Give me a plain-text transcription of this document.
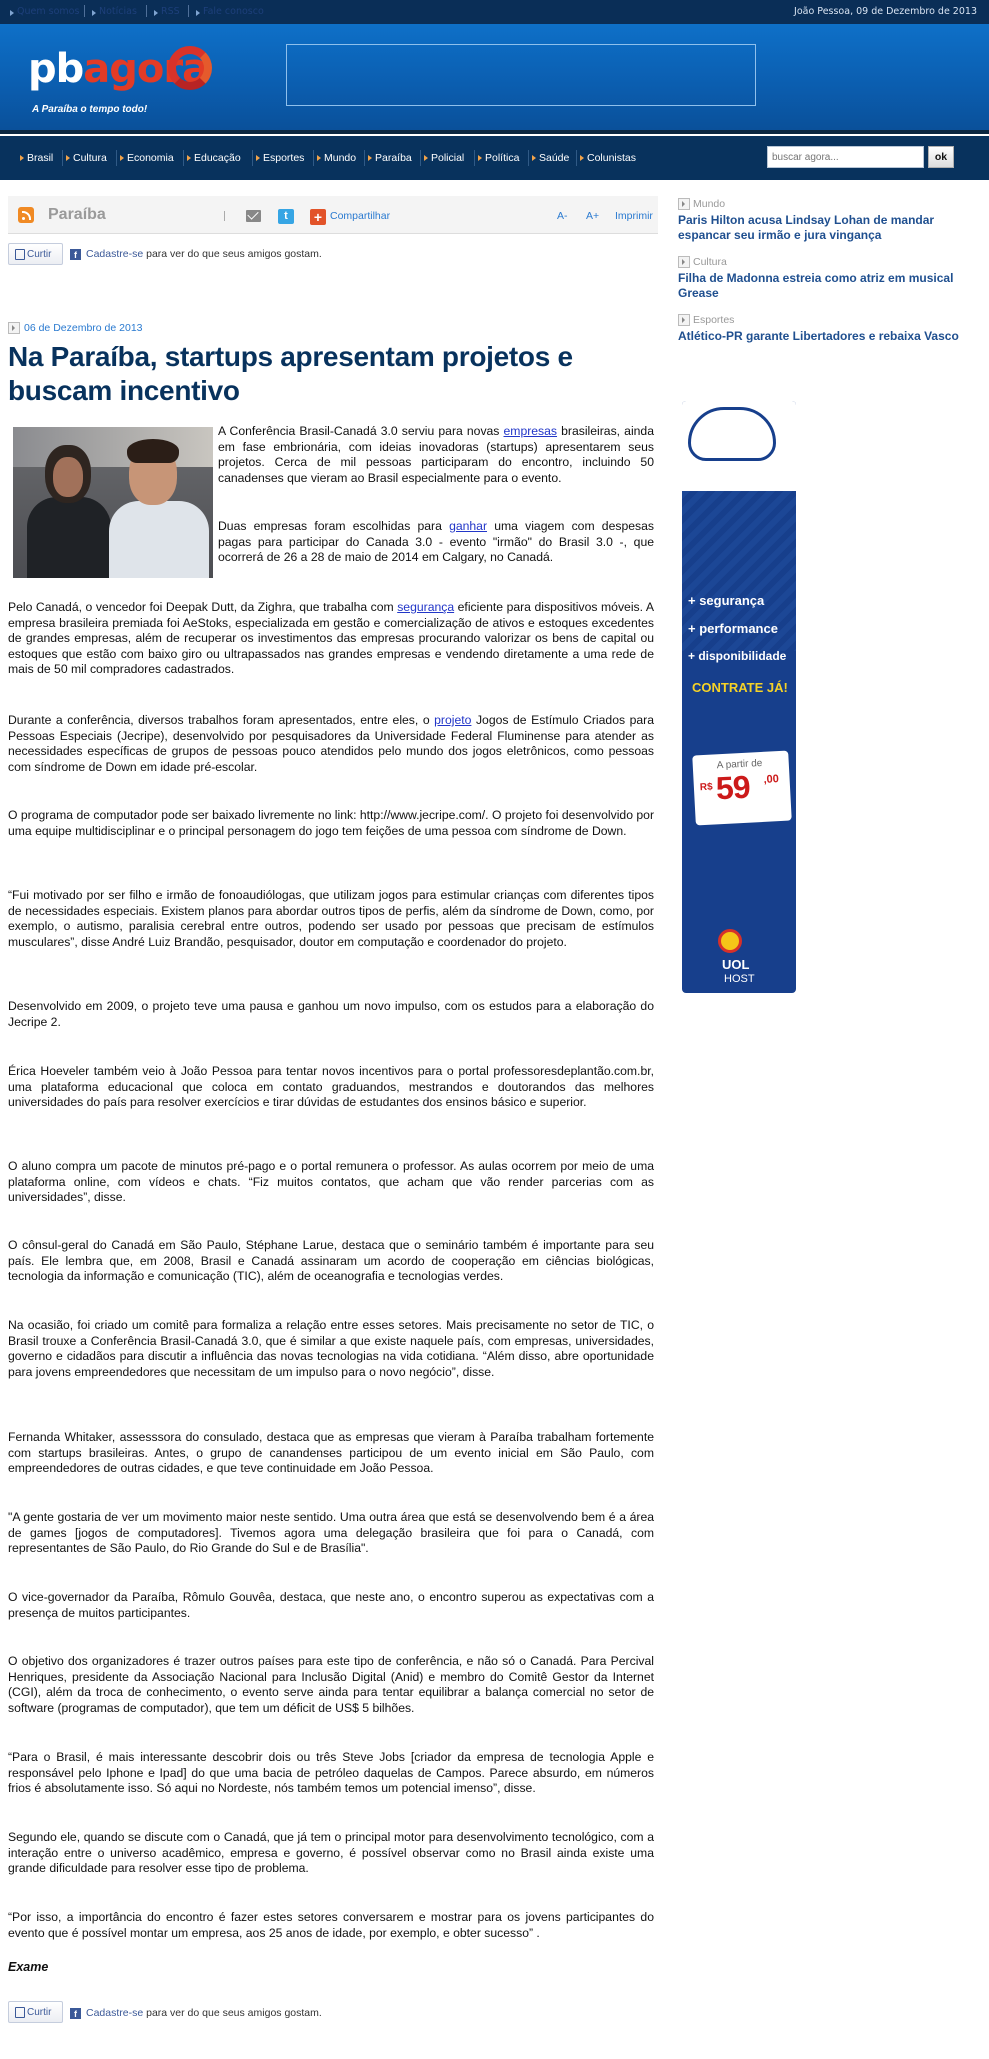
Quem somos	Notícias	RSS	Fale conosco	João Pessoa, 09 de Dezembro de 2013
pbagora
A Paraíba o tempo todo!
Brasil	Cultura	Economia	Educação	Esportes	Mundo	Paraíba	Policial	Política	Saúde	Colunistas
buscar agora...	ok
Paraíba	t	+ Compartilhar	A- A+ Imprimir
Curtir	f Cadastre-se para ver do que seus amigos gostam.
06 de Dezembro de 2013
Na Paraíba, startups apresentam projetos e buscam incentivo

A Conferência Brasil-Canadá 3.0 serviu para novas empresas brasileiras, ainda em fase embrionária, com ideias inovadoras (startups) apresentarem seus projetos. Cerca de mil pessoas participaram do encontro, incluindo 50 canadenses que vieram ao Brasil especialmente para o evento.

Duas empresas foram escolhidas para ganhar uma viagem com despesas pagas para participar do Canada 3.0 - evento "irmão" do Brasil 3.0 -, que ocorrerá de 26 a 28 de maio de 2014 em Calgary, no Canadá.

Pelo Canadá, o vencedor foi Deepak Dutt, da Zighra, que trabalha com segurança eficiente para dispositivos móveis. A empresa brasileira premiada foi AeStoks, especializada em gestão e comercialização de ativos e estoques excedentes de grandes empresas, além de recuperar os investimentos das empresas procurando valorizar os bens de capital ou estoques que estão com baixo giro ou ultrapassados nas grandes empresas e vendendo diretamente a uma rede de mais de 50 mil compradores cadastrados.

Durante a conferência, diversos trabalhos foram apresentados, entre eles, o projeto Jogos de Estímulo Criados para Pessoas Especiais (Jecripe), desenvolvido por pesquisadores da Universidade Federal Fluminense para atender as necessidades específicas de grupos de pessoas pouco atendidos pelo mundo dos jogos eletrônicos, como pessoas com síndrome de Down em idade pré-escolar.

O programa de computador pode ser baixado livremente no link: http://www.jecripe.com/. O projeto foi desenvolvido por uma equipe multidisciplinar e o principal personagem do jogo tem feições de uma pessoa com síndrome de Down.

“Fui motivado por ser filho e irmão de fonoaudiólogas, que utilizam jogos para estimular crianças com diferentes tipos de necessidades especiais. Existem planos para abordar outros tipos de perfis, além da síndrome de Down, como, por exemplo, o autismo, paralisia cerebral entre outros, podendo ser usado por pessoas que precisam de estímulos musculares”, disse André Luiz Brandão, pesquisador, doutor em computação e coordenador do projeto.

Desenvolvido em 2009, o projeto teve uma pausa e ganhou um novo impulso, com os estudos para a elaboração do Jecripe 2.

Érica Hoeveler também veio à João Pessoa para tentar novos incentivos para o portal professoresdeplantão.com.br, uma plataforma educacional que coloca em contato graduandos, mestrandos e doutorandos das melhores universidades do país para resolver exercícios e tirar dúvidas de estudantes dos ensinos básico e superior.

O aluno compra um pacote de minutos pré-pago e o portal remunera o professor. As aulas ocorrem por meio de uma plataforma online, com vídeos e chats. “Fiz muitos contatos, que acham que vão render parcerias com as universidades”, disse.

O cônsul-geral do Canadá em São Paulo, Stéphane Larue, destaca que o seminário também é importante para seu país. Ele lembra que, em 2008, Brasil e Canadá assinaram um acordo de cooperação em ciências biológicas, tecnologia da informação e comunicação (TIC), além de oceanografia e tecnologias verdes.

Na ocasião, foi criado um comitê para formaliza a relação entre esses setores. Mais precisamente no setor de TIC, o Brasil trouxe a Conferência Brasil-Canadá 3.0, que é similar a que existe naquele país, com empresas, universidades, governo e cidadãos para discutir a influência das novas tecnologias na vida cotidiana. “Além disso, abre oportunidade para jovens empreendedores que necessitam de um impulso para o novo negócio”, disse.

Fernanda Whitaker, assesssora do consulado, destaca que as empresas que vieram à Paraíba trabalham fortemente com startups brasileiras. Antes, o grupo de canandenses participou de um evento inicial em São Paulo, com empreendedores de outras cidades, e que teve continuidade em João Pessoa.

"A gente gostaria de ver um movimento maior neste sentido. Uma outra área que está se desenvolvendo bem é a área de games [jogos de computadores]. Tivemos agora uma delegação brasileira que foi para o Canadá, com representantes de São Paulo, do Rio Grande do Sul e de Brasília".

O vice-governador da Paraíba, Rômulo Gouvêa, destaca, que neste ano, o encontro superou as expectativas com a presença de muitos participantes.

O objetivo dos organizadores é trazer outros países para este tipo de conferência, e não só o Canadá. Para Percival Henriques, presidente da Associação Nacional para Inclusão Digital (Anid) e membro do Comitê Gestor da Internet (CGI), além da troca de conhecimento, o evento serve ainda para tentar equilibrar a balança comercial no setor de software (programas de computador), que tem um déficit de US$ 5 bilhões.

“Para o Brasil, é mais interessante descobrir dois ou três Steve Jobs [criador da empresa de tecnologia Apple e responsável pelo Iphone e Ipad] do que uma bacia de petróleo daquelas de Campos. Parece absurdo, em números frios é absolutamente isso. Só aqui no Nordeste, nós também temos um potencial imenso”, disse.

Segundo ele, quando se discute com o Canadá, que já tem o principal motor para desenvolvimento tecnológico, com a interação entre o universo acadêmico, empresa e governo, é possível observar como no Brasil ainda existe uma grande dificuldade para resolver esse tipo de problema.

“Por isso, a importância do encontro é fazer estes setores conversarem e mostrar para os jovens participantes do evento que é possível montar um empresa, aos 25 anos de idade, por exemplo, e obter sucesso” .

Exame
Curtir	f Cadastre-se para ver do que seus amigos gostam.
Mundo
Paris Hilton acusa Lindsay Lohan de mandar espancar seu irmão e jura vingança
Cultura
Filha de Madonna estreia como atriz em musical Grease
Esportes
Atlético-PR garante Libertadores e rebaixa Vasco
+ segurança
+ performance
+ disponibilidade
CONTRATE JÁ!
A partir de
R$ 59 ,00
UOL
HOST
